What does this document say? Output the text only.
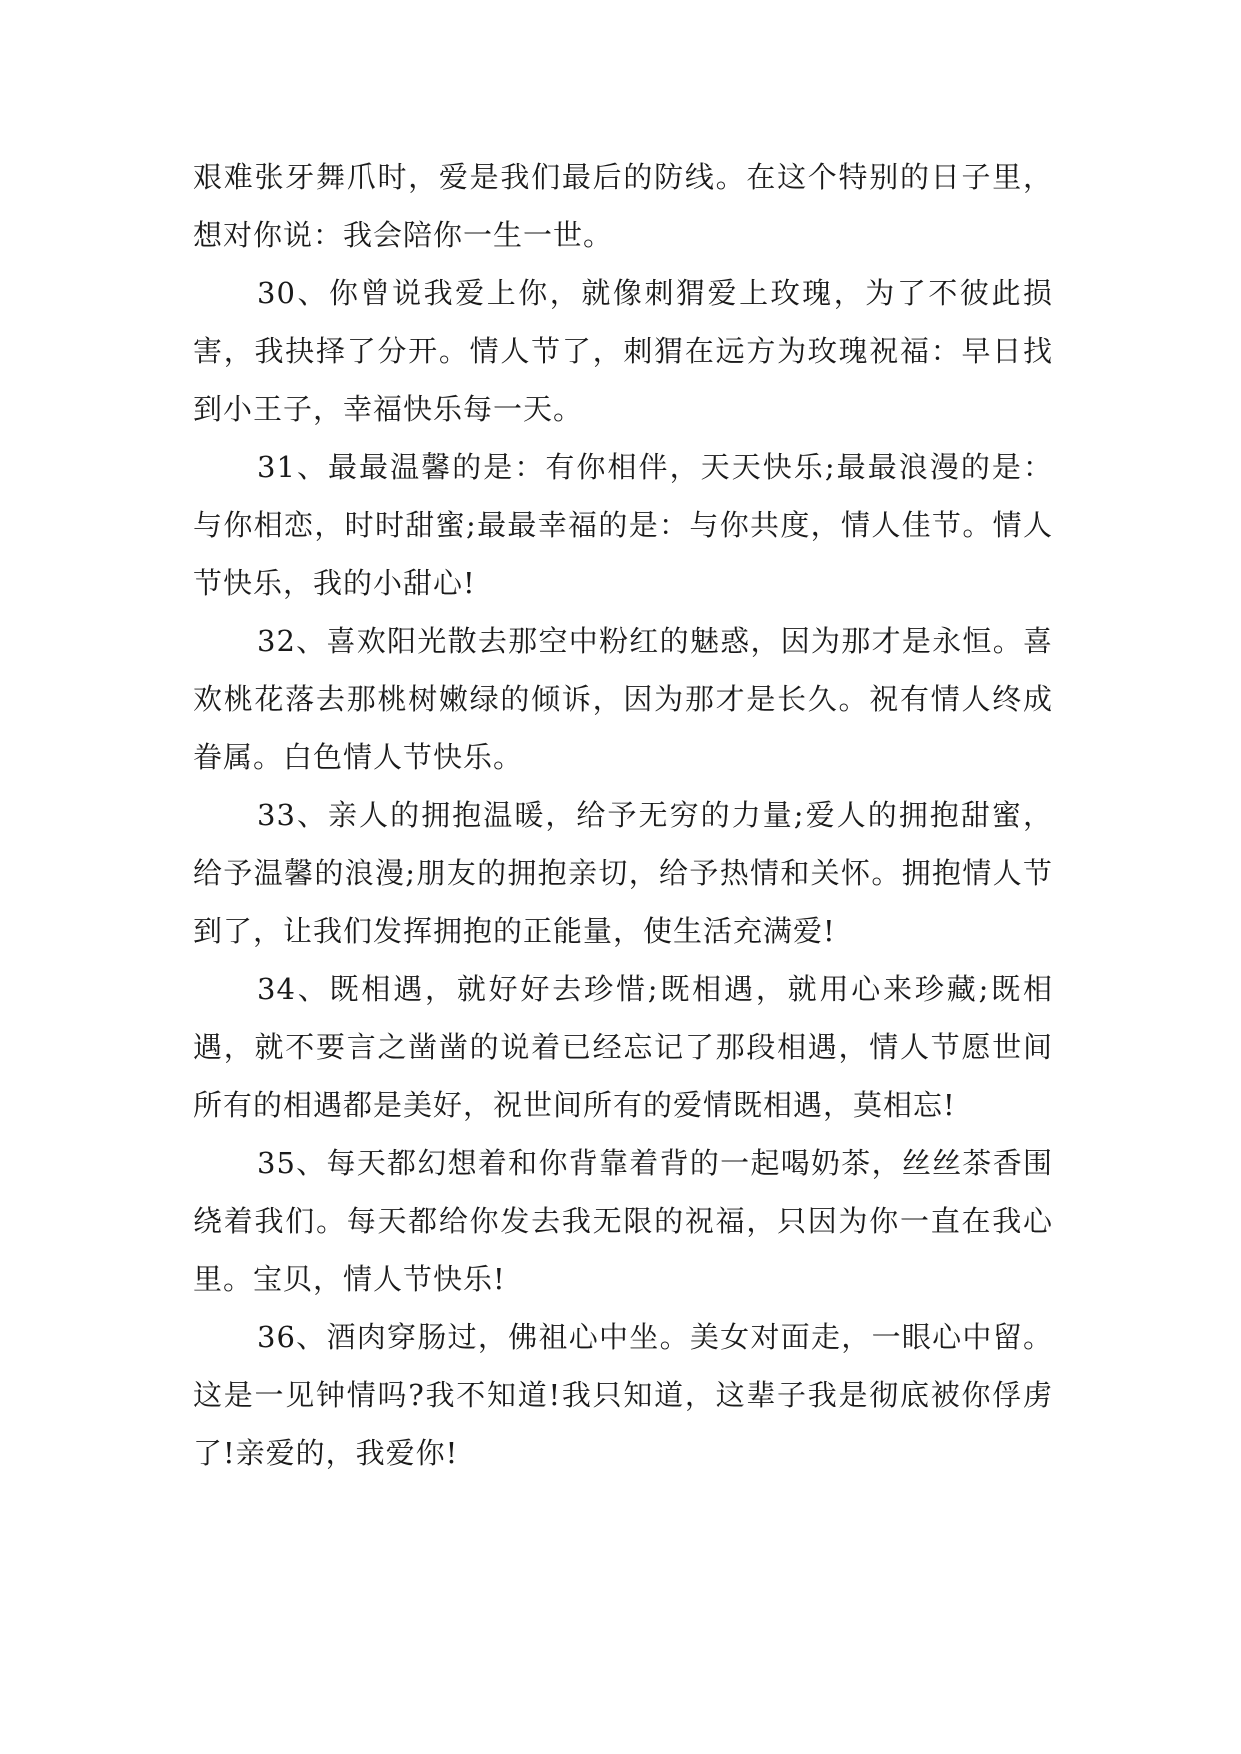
艰难张牙舞爪时，爱是我们最后的防线。在这个特别的日子里，想对你说：我会陪你一生一世。

30、你曾说我爱上你，就像刺猬爱上玫瑰，为了不彼此损害，我抉择了分开。情人节了，刺猬在远方为玫瑰祝福：早日找到小王子，幸福快乐每一天。

31、最最温馨的是：有你相伴，天天快乐;最最浪漫的是：与你相恋，时时甜蜜;最最幸福的是：与你共度，情人佳节。情人节快乐，我的小甜心!

32、喜欢阳光散去那空中粉红的魅惑，因为那才是永恒。喜欢桃花落去那桃树嫩绿的倾诉，因为那才是长久。祝有情人终成眷属。白色情人节快乐。

33、亲人的拥抱温暖，给予无穷的力量;爱人的拥抱甜蜜，给予温馨的浪漫;朋友的拥抱亲切，给予热情和关怀。拥抱情人节到了，让我们发挥拥抱的正能量，使生活充满爱!

34、既相遇，就好好去珍惜;既相遇，就用心来珍藏;既相遇，就不要言之凿凿的说着已经忘记了那段相遇，情人节愿世间所有的相遇都是美好，祝世间所有的爱情既相遇，莫相忘!

35、每天都幻想着和你背靠着背的一起喝奶茶，丝丝茶香围绕着我们。每天都给你发去我无限的祝福，只因为你一直在我心里。宝贝，情人节快乐!

36、酒肉穿肠过，佛祖心中坐。美女对面走，一眼心中留。这是一见钟情吗?我不知道!我只知道，这辈子我是彻底被你俘虏了!亲爱的，我爱你!
